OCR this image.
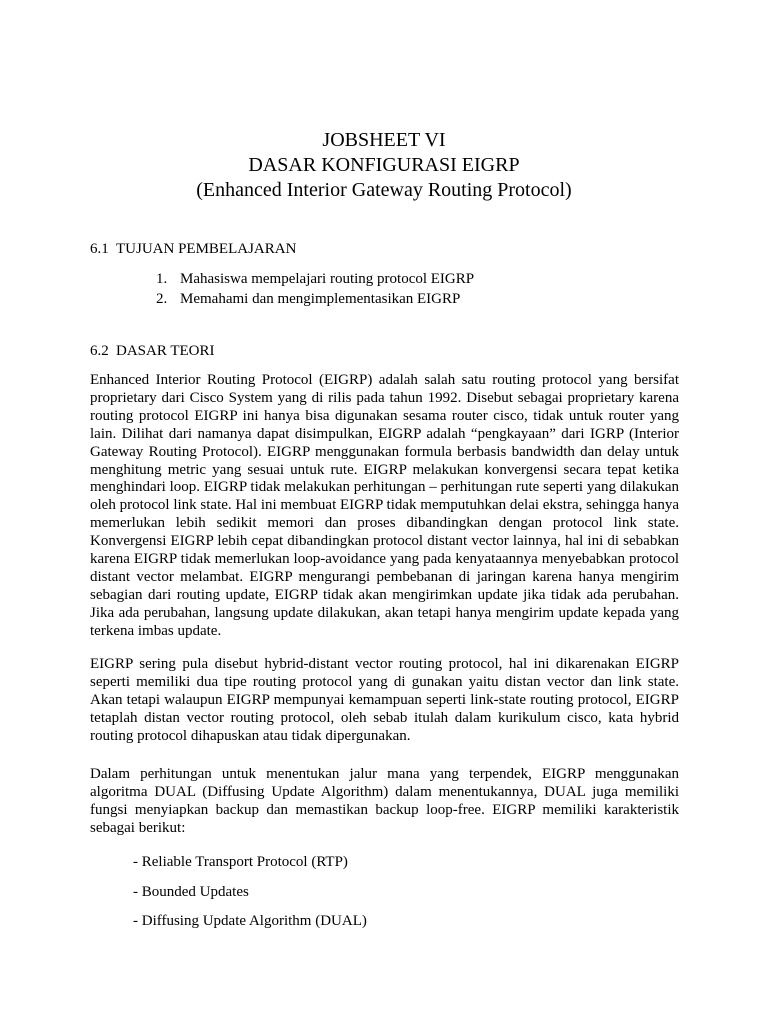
JOBSHEET VI

DASAR KONFIGURASI EIGRP

(Enhanced Interior Gateway Routing Protocol)

6.1 TUJUAN PEMBELAJARAN

1. Mahasiswa mempelajari routing protocol EIGRP
2. Memahami dan mengimplementasikan EIGRP

6.2 DASAR TEORI

Enhanced Interior Routing Protocol (EIGRP) adalah salah satu routing protocol yang bersifat proprietary dari Cisco System yang di rilis pada tahun 1992. Disebut sebagai proprietary karena routing protocol EIGRP ini hanya bisa digunakan sesama router cisco, tidak untuk router yang lain. Dilihat dari namanya dapat disimpulkan, EIGRP adalah “pengkayaan” dari IGRP (Interior Gateway Routing Protocol). EIGRP menggunakan formula berbasis bandwidth dan delay untuk menghitung metric yang sesuai untuk rute. EIGRP melakukan konvergensi secara tepat ketika menghindari loop. EIGRP tidak melakukan perhitungan – perhitungan rute seperti yang dilakukan oleh protocol link state. Hal ini membuat EIGRP tidak memputuhkan delai ekstra, sehingga hanya memerlukan lebih sedikit memori dan proses dibandingkan dengan protocol link state. Konvergensi EIGRP lebih cepat dibandingkan protocol distant vector lainnya, hal ini di sebabkan karena EIGRP tidak memerlukan loop-avoidance yang pada kenyataannya menyebabkan protocol distant vector melambat. EIGRP mengurangi pembebanan di jaringan karena hanya mengirim sebagian dari routing update, EIGRP tidak akan mengirimkan update jika tidak ada perubahan. Jika ada perubahan, langsung update dilakukan, akan tetapi hanya mengirim update kepada yang terkena imbas update.

EIGRP sering pula disebut hybrid-distant vector routing protocol, hal ini dikarenakan EIGRP seperti memiliki dua tipe routing protocol yang di gunakan yaitu distan vector dan link state. Akan tetapi walaupun EIGRP mempunyai kemampuan seperti link-state routing protocol, EIGRP tetaplah distan vector routing protocol, oleh sebab itulah dalam kurikulum cisco, kata hybrid routing protocol dihapuskan atau tidak dipergunakan.

Dalam perhitungan untuk menentukan jalur mana yang terpendek, EIGRP menggunakan algoritma DUAL (Diffusing Update Algorithm) dalam menentukannya, DUAL juga memiliki fungsi menyiapkan backup dan memastikan backup loop-free. EIGRP memiliki karakteristik sebagai berikut:

- Reliable Transport Protocol (RTP)
- Bounded Updates
- Diffusing Update Algorithm (DUAL)
